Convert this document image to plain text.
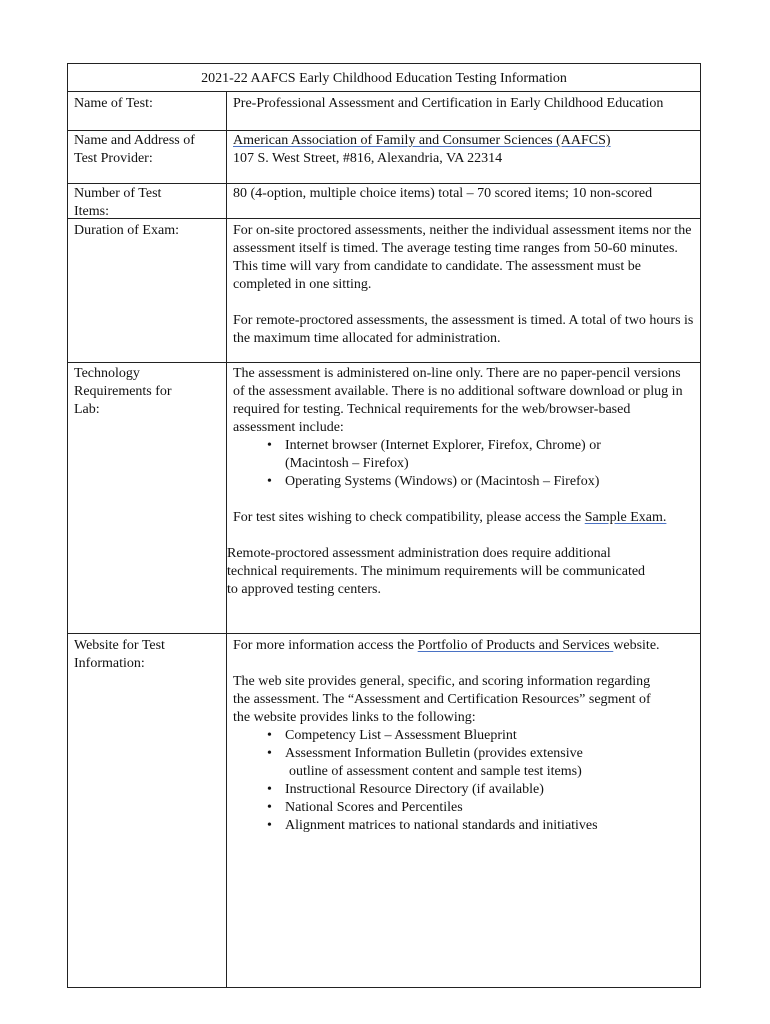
2021-22 AAFCS Early Childhood Education Testing Information
Name of Test:	Pre-Professional Assessment and Certification in Early Childhood Education
Name and Address of Test Provider:
American Association of Family and Consumer Sciences (AAFCS)
107 S. West Street, #816, Alexandria, VA 22314
Number of Test Items:
80 (4-option, multiple choice items) total – 70 scored items; 10 non-scored
Duration of Exam:	For on-site proctored assessments, neither the individual assessment items nor the assessment itself is timed. The average testing time ranges from 50-60 minutes. This time will vary from candidate to candidate. The assessment must be completed in one sitting.

For remote-proctored assessments, the assessment is timed. A total of two hours is the maximum time allocated for administration.

Technology Requirements for Lab:

The assessment is administered on-line only. There are no paper-pencil versions of the assessment available. There is no additional software download or plug in required for testing. Technical requirements for the web/browser-based assessment include:

• Internet browser (Internet Explorer, Firefox, Chrome) or (Macintosh – Firefox)
• Operating Systems (Windows) or (Macintosh – Firefox)

For test sites wishing to check compatibility, please access the Sample Exam.

Remote-proctored assessment administration does require additional technical requirements. The minimum requirements will be communicated to approved testing centers.

Website for Test Information:

For more information access the Portfolio of Products and Services website.

The web site provides general, specific, and scoring information regarding the assessment. The “Assessment and Certification Resources” segment of the website provides links to the following:

• Competency List – Assessment Blueprint
• Assessment Information Bulletin (provides extensive
outline of assessment content and sample test items)
• Instructional Resource Directory (if available)
• National Scores and Percentiles
• Alignment matrices to national standards and initiatives
